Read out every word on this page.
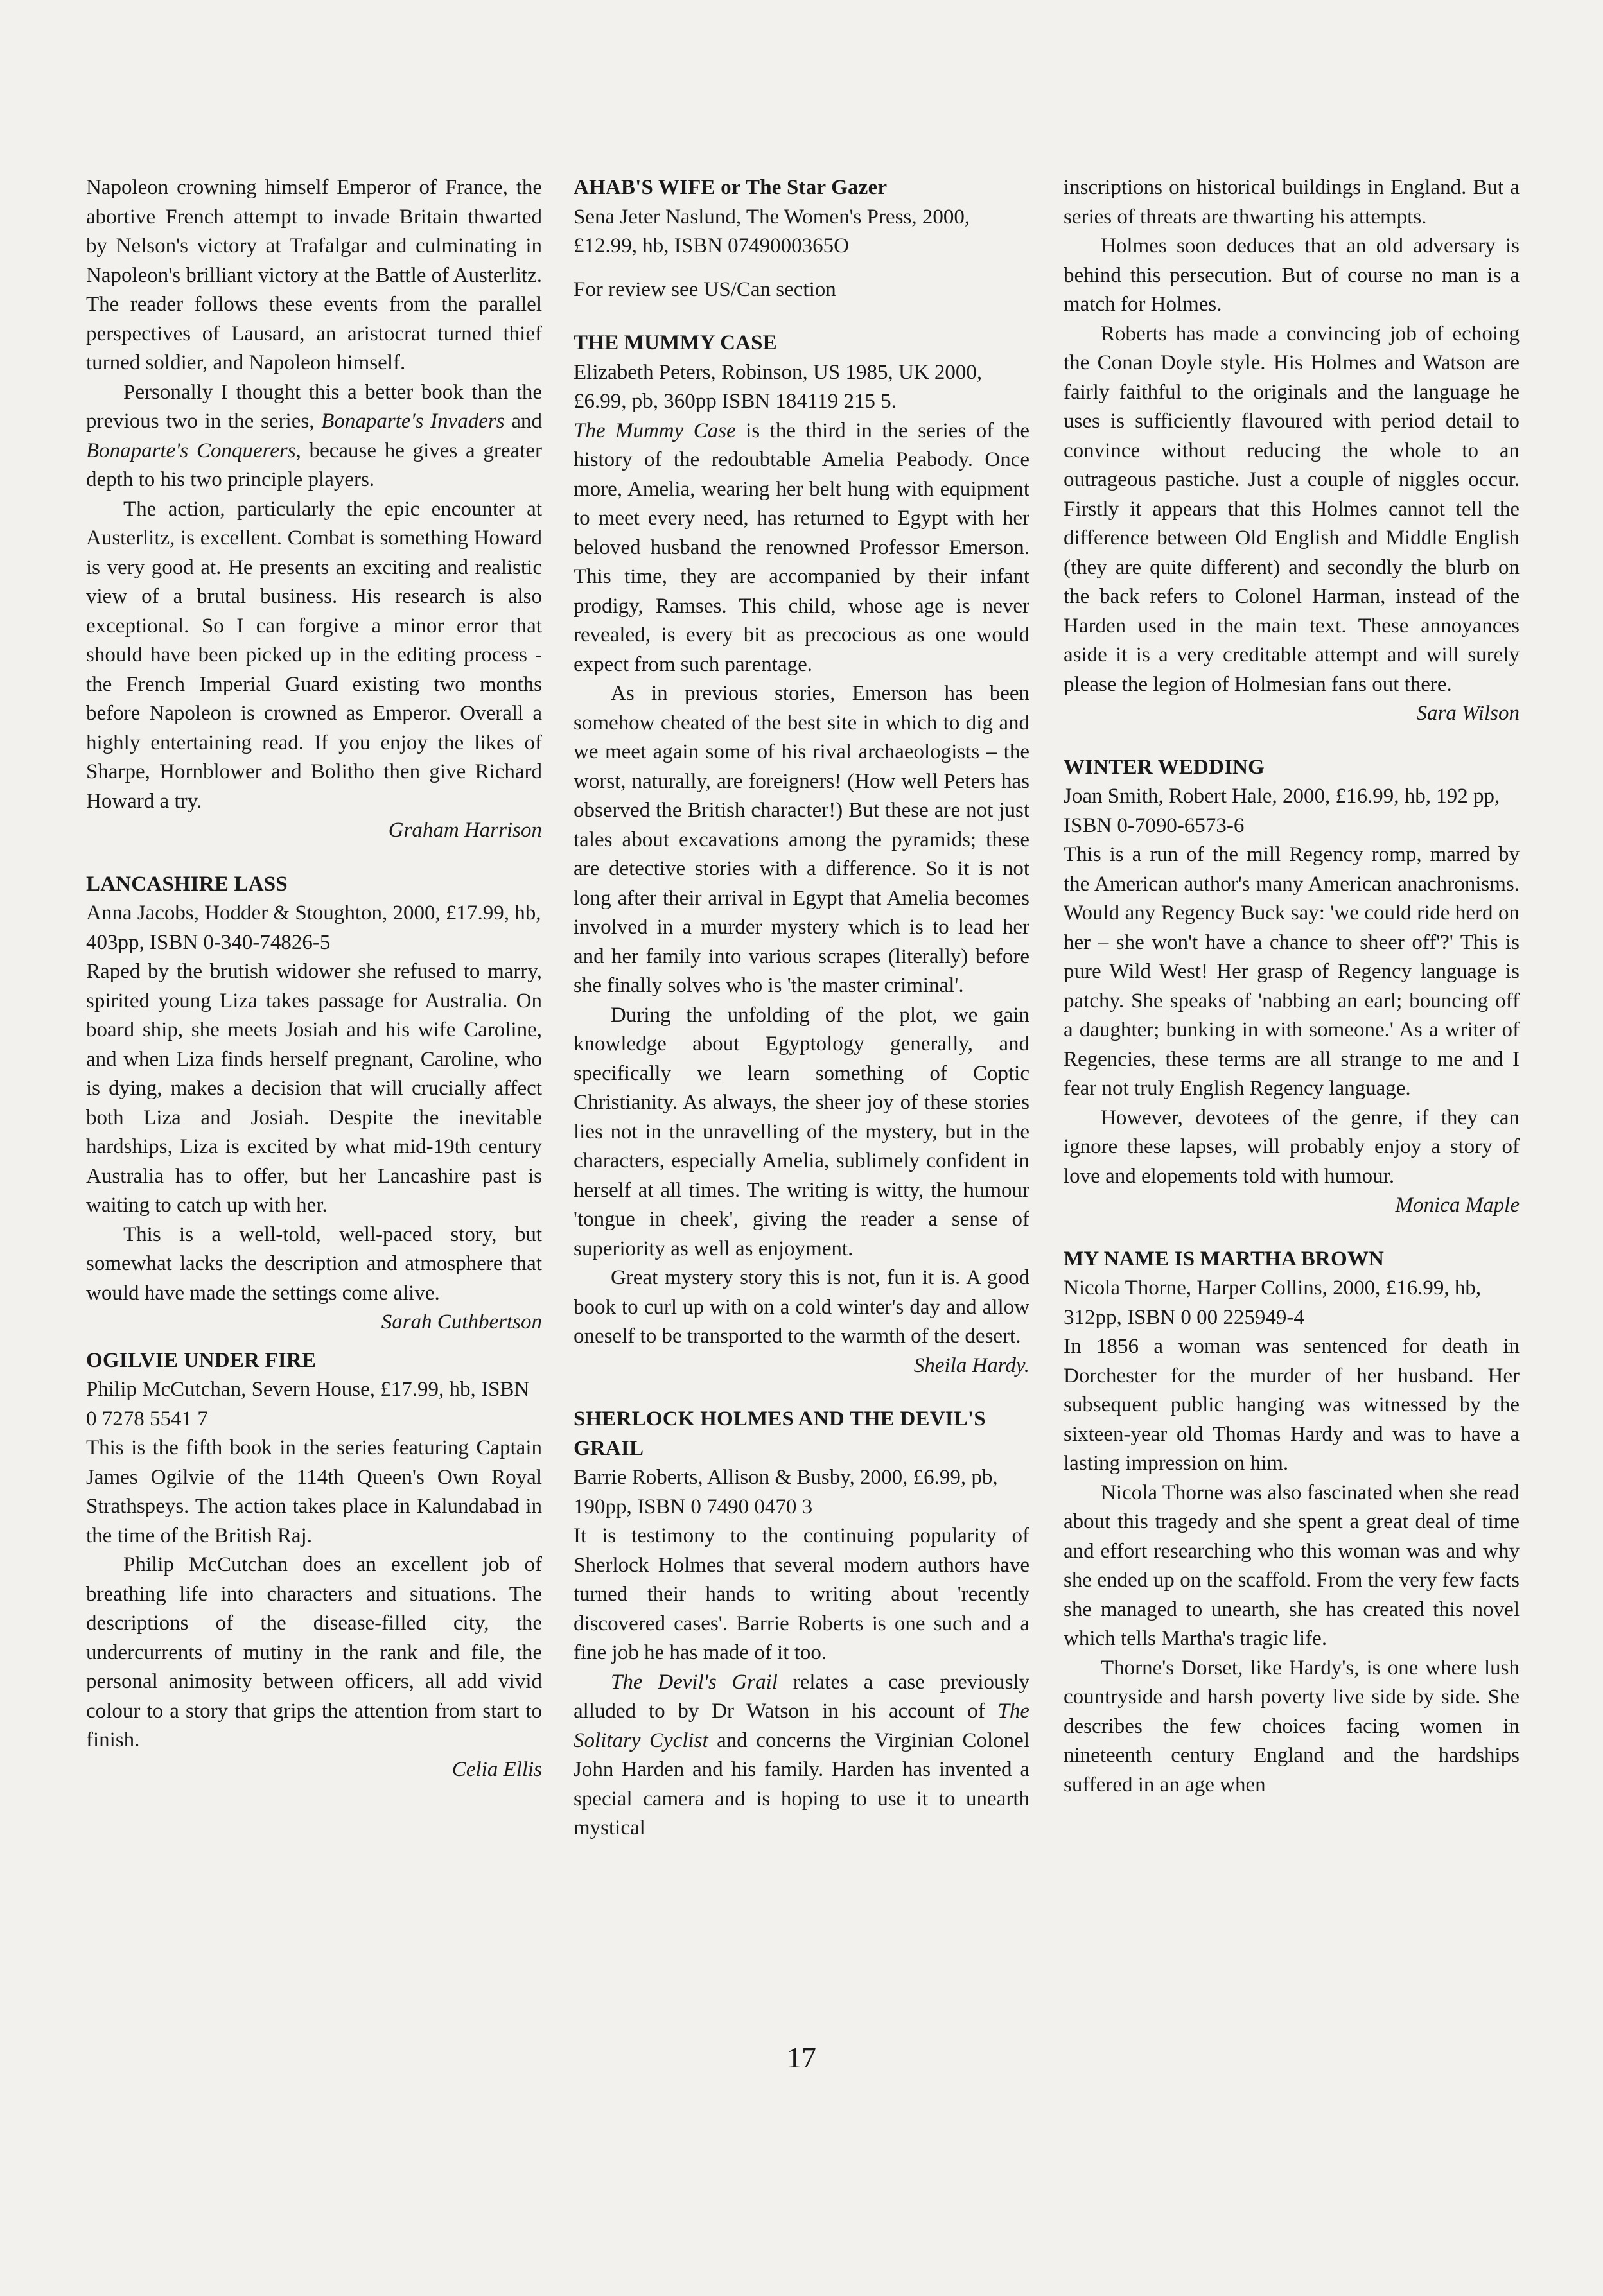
Napoleon crowning himself Emperor of France, the abortive French attempt to invade Britain thwarted by Nelson's victory at Trafalgar and culminating in Napoleon's brilliant victory at the Battle of Austerlitz. The reader follows these events from the parallel perspectives of Lausard, an aristocrat turned thief turned soldier, and Napoleon himself.

Personally I thought this a better book than the previous two in the series, Bonaparte's Invaders and Bonaparte's Conquerers, because he gives a greater depth to his two principle players.

The action, particularly the epic encounter at Austerlitz, is excellent. Combat is something Howard is very good at. He presents an exciting and realistic view of a brutal business. His research is also exceptional. So I can forgive a minor error that should have been picked up in the editing process - the French Imperial Guard existing two months before Napoleon is crowned as Emperor. Overall a highly entertaining read. If you enjoy the likes of Sharpe, Hornblower and Bolitho then give Richard Howard a try.

Graham Harrison

LANCASHIRE LASS

Anna Jacobs, Hodder & Stoughton, 2000, £17.99, hb, 403pp, ISBN 0-340-74826-5

Raped by the brutish widower she refused to marry, spirited young Liza takes passage for Australia. On board ship, she meets Josiah and his wife Caroline, and when Liza finds herself pregnant, Caroline, who is dying, makes a decision that will crucially affect both Liza and Josiah. Despite the inevitable hardships, Liza is excited by what mid-19th century Australia has to offer, but her Lancashire past is waiting to catch up with her.

This is a well-told, well-paced story, but somewhat lacks the description and atmosphere that would have made the settings come alive.

Sarah Cuthbertson

OGILVIE UNDER FIRE

Philip McCutchan, Severn House, £17.99, hb, ISBN 0 7278 5541 7

This is the fifth book in the series featuring Captain James Ogilvie of the 114th Queen's Own Royal Strathspeys. The action takes place in Kalundabad in the time of the British Raj.

Philip McCutchan does an excellent job of breathing life into characters and situations. The descriptions of the disease-filled city, the undercurrents of mutiny in the rank and file, the personal animosity between officers, all add vivid colour to a story that grips the attention from start to finish.

Celia Ellis

AHAB'S WIFE or The Star Gazer

Sena Jeter Naslund, The Women's Press, 2000, £12.99, hb, ISBN 0749000365O

For review see US/Can section

THE MUMMY CASE

Elizabeth Peters, Robinson, US 1985, UK 2000, £6.99, pb, 360pp ISBN 184119 215 5.

The Mummy Case is the third in the series of the history of the redoubtable Amelia Peabody. Once more, Amelia, wearing her belt hung with equipment to meet every need, has returned to Egypt with her beloved husband the renowned Professor Emerson. This time, they are accompanied by their infant prodigy, Ramses. This child, whose age is never revealed, is every bit as precocious as one would expect from such parentage.

As in previous stories, Emerson has been somehow cheated of the best site in which to dig and we meet again some of his rival archaeologists – the worst, naturally, are foreigners! (How well Peters has observed the British character!) But these are not just tales about excavations among the pyramids; these are detective stories with a difference. So it is not long after their arrival in Egypt that Amelia becomes involved in a murder mystery which is to lead her and her family into various scrapes (literally) before she finally solves who is 'the master criminal'.

During the unfolding of the plot, we gain knowledge about Egyptology generally, and specifically we learn something of Coptic Christianity. As always, the sheer joy of these stories lies not in the unravelling of the mystery, but in the characters, especially Amelia, sublimely confident in herself at all times. The writing is witty, the humour 'tongue in cheek', giving the reader a sense of superiority as well as enjoyment.

Great mystery story this is not, fun it is. A good book to curl up with on a cold winter's day and allow oneself to be transported to the warmth of the desert.

Sheila Hardy.

SHERLOCK HOLMES AND THE DEVIL'S GRAIL

Barrie Roberts, Allison & Busby, 2000, £6.99, pb, 190pp, ISBN 0 7490 0470 3

It is testimony to the continuing popularity of Sherlock Holmes that several modern authors have turned their hands to writing about 'recently discovered cases'. Barrie Roberts is one such and a fine job he has made of it too.

The Devil's Grail relates a case previously alluded to by Dr Watson in his account of The Solitary Cyclist and concerns the Virginian Colonel John Harden and his family. Harden has invented a special camera and is hoping to use it to unearth mystical

inscriptions on historical buildings in England. But a series of threats are thwarting his attempts.

Holmes soon deduces that an old adversary is behind this persecution. But of course no man is a match for Holmes.

Roberts has made a convincing job of echoing the Conan Doyle style. His Holmes and Watson are fairly faithful to the originals and the language he uses is sufficiently flavoured with period detail to convince without reducing the whole to an outrageous pastiche. Just a couple of niggles occur. Firstly it appears that this Holmes cannot tell the difference between Old English and Middle English (they are quite different) and secondly the blurb on the back refers to Colonel Harman, instead of the Harden used in the main text. These annoyances aside it is a very creditable attempt and will surely please the legion of Holmesian fans out there.

Sara Wilson

WINTER WEDDING

Joan Smith, Robert Hale, 2000, £16.99, hb, 192 pp, ISBN 0-7090-6573-6

This is a run of the mill Regency romp, marred by the American author's many American anachronisms. Would any Regency Buck say: 'we could ride herd on her – she won't have a chance to sheer off'?' This is pure Wild West! Her grasp of Regency language is patchy. She speaks of 'nabbing an earl; bouncing off a daughter; bunking in with someone.' As a writer of Regencies, these terms are all strange to me and I fear not truly English Regency language.

However, devotees of the genre, if they can ignore these lapses, will probably enjoy a story of love and elopements told with humour.

Monica Maple

MY NAME IS MARTHA BROWN

Nicola Thorne, Harper Collins, 2000, £16.99, hb, 312pp, ISBN 0 00 225949-4

In 1856 a woman was sentenced for death in Dorchester for the murder of her husband. Her subsequent public hanging was witnessed by the sixteen-year old Thomas Hardy and was to have a lasting impression on him.

Nicola Thorne was also fascinated when she read about this tragedy and she spent a great deal of time and effort researching who this woman was and why she ended up on the scaffold. From the very few facts she managed to unearth, she has created this novel which tells Martha's tragic life.

Thorne's Dorset, like Hardy's, is one where lush countryside and harsh poverty live side by side. She describes the few choices facing women in nineteenth century England and the hardships suffered in an age when

17
